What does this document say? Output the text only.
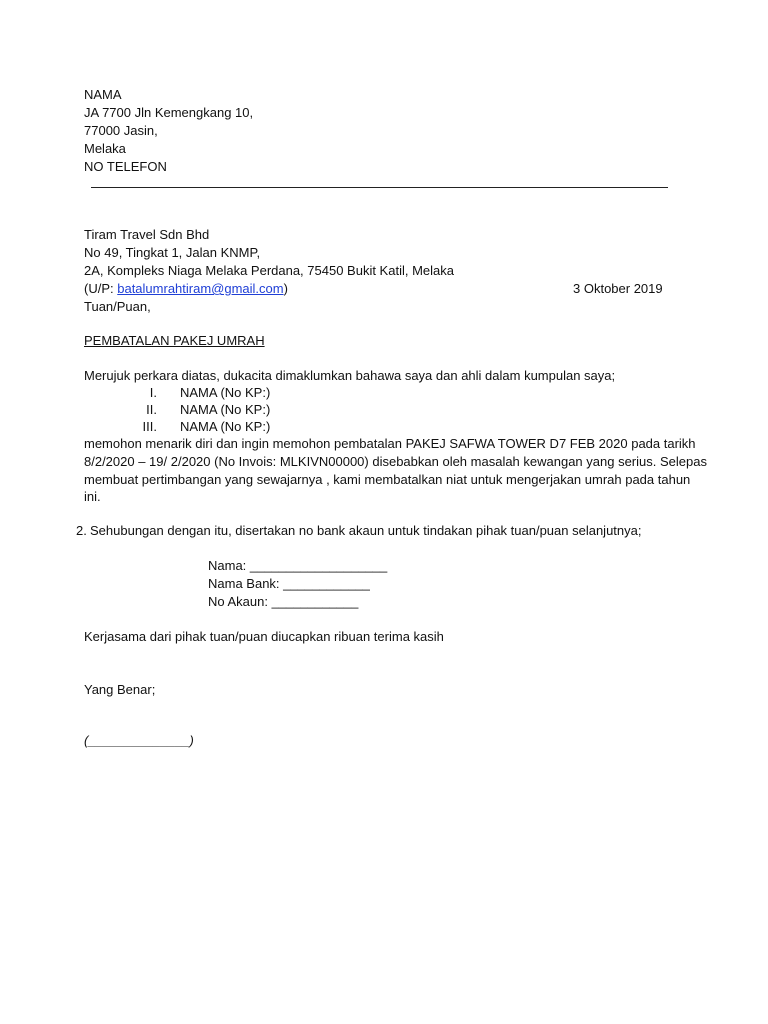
NAMA
JA 7700 Jln Kemengkang 10,
77000 Jasin,
Melaka
NO TELEFON
Tiram Travel Sdn Bhd
No 49, Tingkat 1, Jalan KNMP,
2A, Kompleks Niaga Melaka Perdana, 75450 Bukit Katil, Melaka
(U/P: batalumrahtiram@gmail.com)	3 Oktober 2019
Tuan/Puan,
PEMBATALAN PAKEJ UMRAH
Merujuk perkara diatas, dukacita dimaklumkan bahawa saya dan ahli dalam kumpulan saya;
I. NAMA (No KP:)
II. NAMA (No KP:)
III. NAMA (No KP:)
memohon menarik diri dan ingin memohon pembatalan PAKEJ SAFWA TOWER D7 FEB 2020 pada tarikh
8/2/2020 – 19/ 2/2020 (No Invois: MLKIVN00000) disebabkan oleh masalah kewangan yang serius. Selepas
membuat pertimbangan yang sewajarnya , kami membatalkan niat untuk mengerjakan umrah pada tahun
ini.
2. Sehubungan dengan itu, disertakan no bank akaun untuk tindakan pihak tuan/puan selanjutnya;
Nama: ___________________
Nama Bank: ____________
No Akaun: ____________
Kerjasama dari pihak tuan/puan diucapkan ribuan terima kasih
Yang Benar;
(______________)
